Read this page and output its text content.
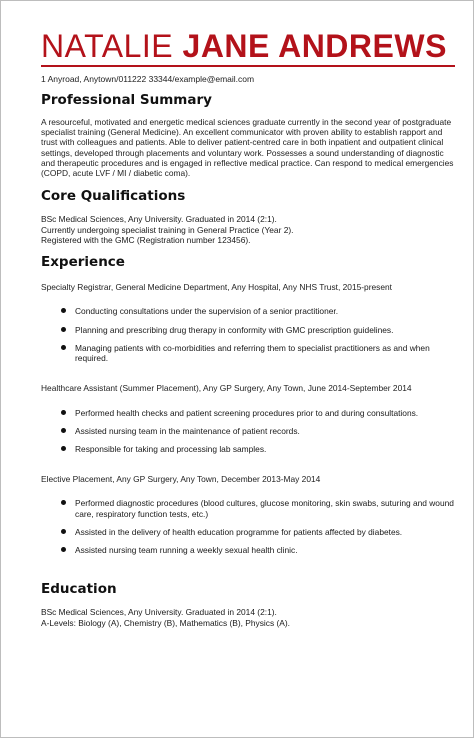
NATALIE JANE ANDREWS
1 Anyroad, Anytown/011222 33344/example@email.com
Professional Summary

A resourceful, motivated and energetic medical sciences graduate currently in the second year of postgraduate specialist training (General Medicine). An excellent communicator with proven ability to establish rapport and trust with colleagues and patients. Able to deliver patient-centred care in both inpatient and outpatient clinical settings, developed through placements and voluntary work. Possesses a sound understanding of diagnostic and therapeutic procedures and is engaged in reflective medical practice. Can respond to medical emergencies (COPD, acute LVF / MI / diabetic coma).

Core Qualifications
BSc Medical Sciences, Any University. Graduated in 2014 (2:1).
Currently undergoing specialist training in General Practice (Year 2).
Registered with the GMC (Registration number 123456).
Experience

Specialty Registrar, General Medicine Department, Any Hospital, Any NHS Trust, 2015-present

Conducting consultations under the supervision of a senior practitioner.
Planning and prescribing drug therapy in conformity with GMC prescription guidelines.
Managing patients with co-morbidities and referring them to specialist practitioners as and when required.

Healthcare Assistant (Summer Placement), Any GP Surgery, Any Town, June 2014-September 2014

Performed health checks and patient screening procedures prior to and during consultations.
Assisted nursing team in the maintenance of patient records.
Responsible for taking and processing lab samples.

Elective Placement, Any GP Surgery, Any Town, December 2013-May 2014

Performed diagnostic procedures (blood cultures, glucose monitoring, skin swabs, suturing and wound care, respiratory function tests, etc.)
Assisted in the delivery of health education programme for patients affected by diabetes.
Assisted nursing team running a weekly sexual health clinic.
Education
BSc Medical Sciences, Any University. Graduated in 2014 (2:1).
A-Levels: Biology (A), Chemistry (B), Mathematics (B), Physics (A).
